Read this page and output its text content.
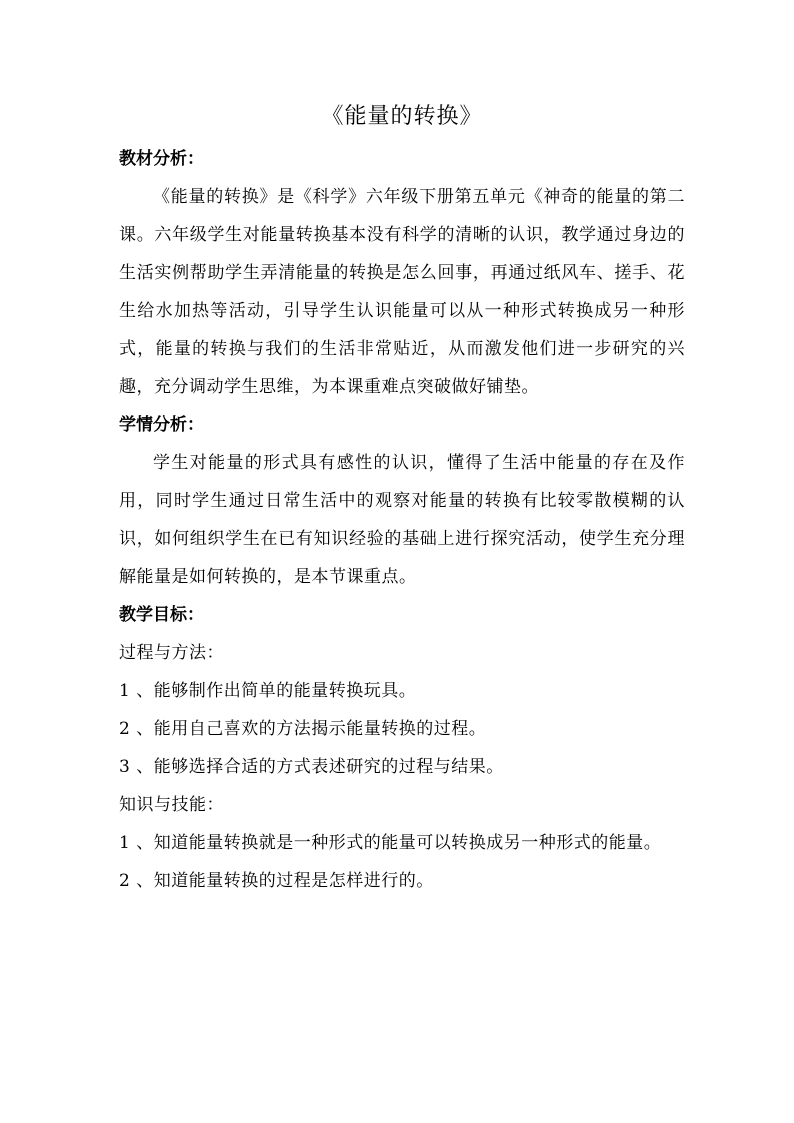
《能量的转换》

教材分析：

《能量的转换》是《科学》六年级下册第五单元《神奇的能量的第二课。六年级学生对能量转换基本没有科学的清晰的认识，教学通过身边的生活实例帮助学生弄清能量的转换是怎么回事，再通过纸风车、搓手、花生给水加热等活动，引导学生认识能量可以从一种形式转换成另一种形式，能量的转换与我们的生活非常贴近，从而激发他们进一步研究的兴趣，充分调动学生思维，为本课重难点突破做好铺垫。

学情分析：

学生对能量的形式具有感性的认识，懂得了生活中能量的存在及作用，同时学生通过日常生活中的观察对能量的转换有比较零散模糊的认识，如何组织学生在已有知识经验的基础上进行探究活动，使学生充分理解能量是如何转换的，是本节课重点。

教学目标：

过程与方法：

1 、能够制作出简单的能量转换玩具。

2 、能用自己喜欢的方法揭示能量转换的过程。

3 、能够选择合适的方式表述研究的过程与结果。

知识与技能：

1 、知道能量转换就是一种形式的能量可以转换成另一种形式的能量。

2 、知道能量转换的过程是怎样进行的。
